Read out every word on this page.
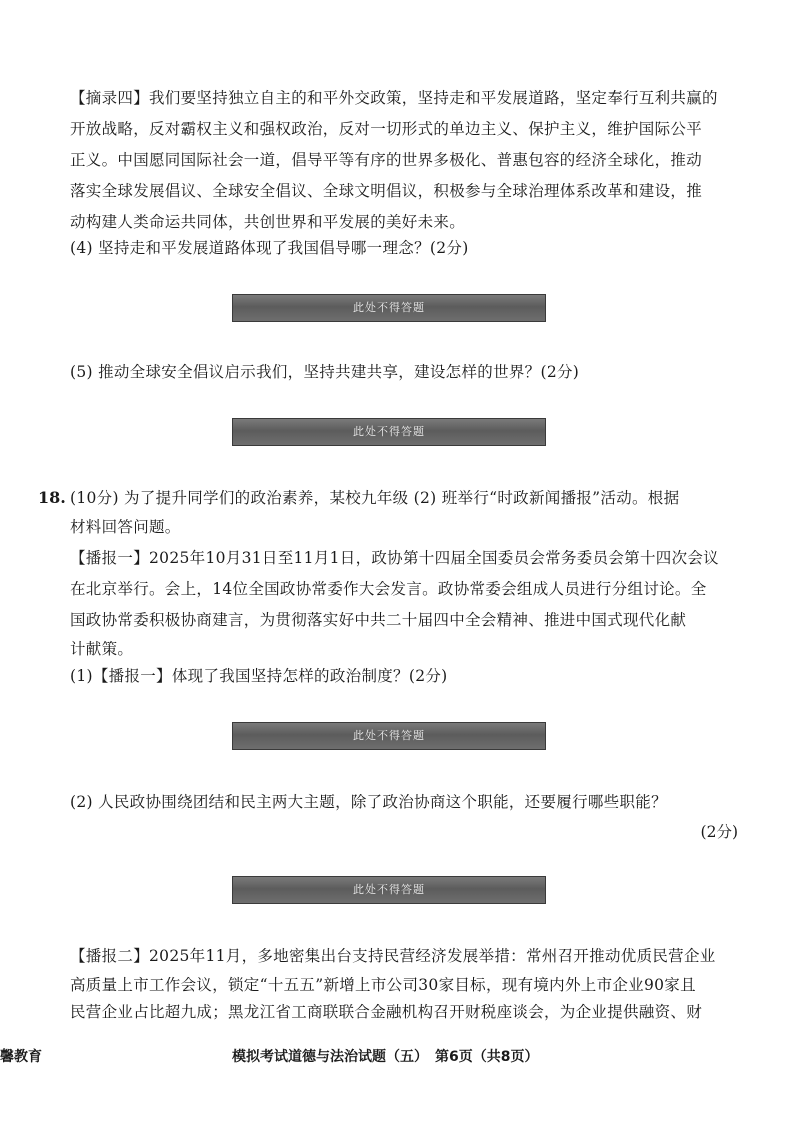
【摘录四】我们要坚持独立自主的和平外交政策，坚持走和平发展道路，坚定奉行互利共赢的
开放战略，反对霸权主义和强权政治，反对一切形式的单边主义、保护主义，维护国际公平
正义。中国愿同国际社会一道，倡导平等有序的世界多极化、普惠包容的经济全球化，推动
落实全球发展倡议、全球安全倡议、全球文明倡议，积极参与全球治理体系改革和建设，推
动构建人类命运共同体，共创世界和平发展的美好未来。
(4) 坚持走和平发展道路体现了我国倡导哪一理念？(2分)
此处不得答题
(5) 推动全球安全倡议启示我们，坚持共建共享，建设怎样的世界？(2分)
此处不得答题
18. (10分) 为了提升同学们的政治素养，某校九年级 (2) 班举行“时政新闻播报”活动。根据
材料回答问题。
【播报一】2025年10月31日至11月1日，政协第十四届全国委员会常务委员会第十四次会议
在北京举行。会上，14位全国政协常委作大会发言。政协常委会组成人员进行分组讨论。全
国政协常委积极协商建言，为贯彻落实好中共二十届四中全会精神、推进中国式现代化献
计献策。
(1)【播报一】体现了我国坚持怎样的政治制度？(2分)
此处不得答题
(2) 人民政协围绕团结和民主两大主题，除了政治协商这个职能，还要履行哪些职能？
(2分)
此处不得答题
【播报二】2025年11月，多地密集出台支持民营经济发展举措：常州召开推动优质民营企业
高质量上市工作会议，锁定“十五五”新增上市公司30家目标，现有境内外上市企业90家且
民营企业占比超九成；黑龙江省工商联联合金融机构召开财税座谈会，为企业提供融资、财
馨教育	模拟考试道德与法治试题（五）　第6页（共8页）
